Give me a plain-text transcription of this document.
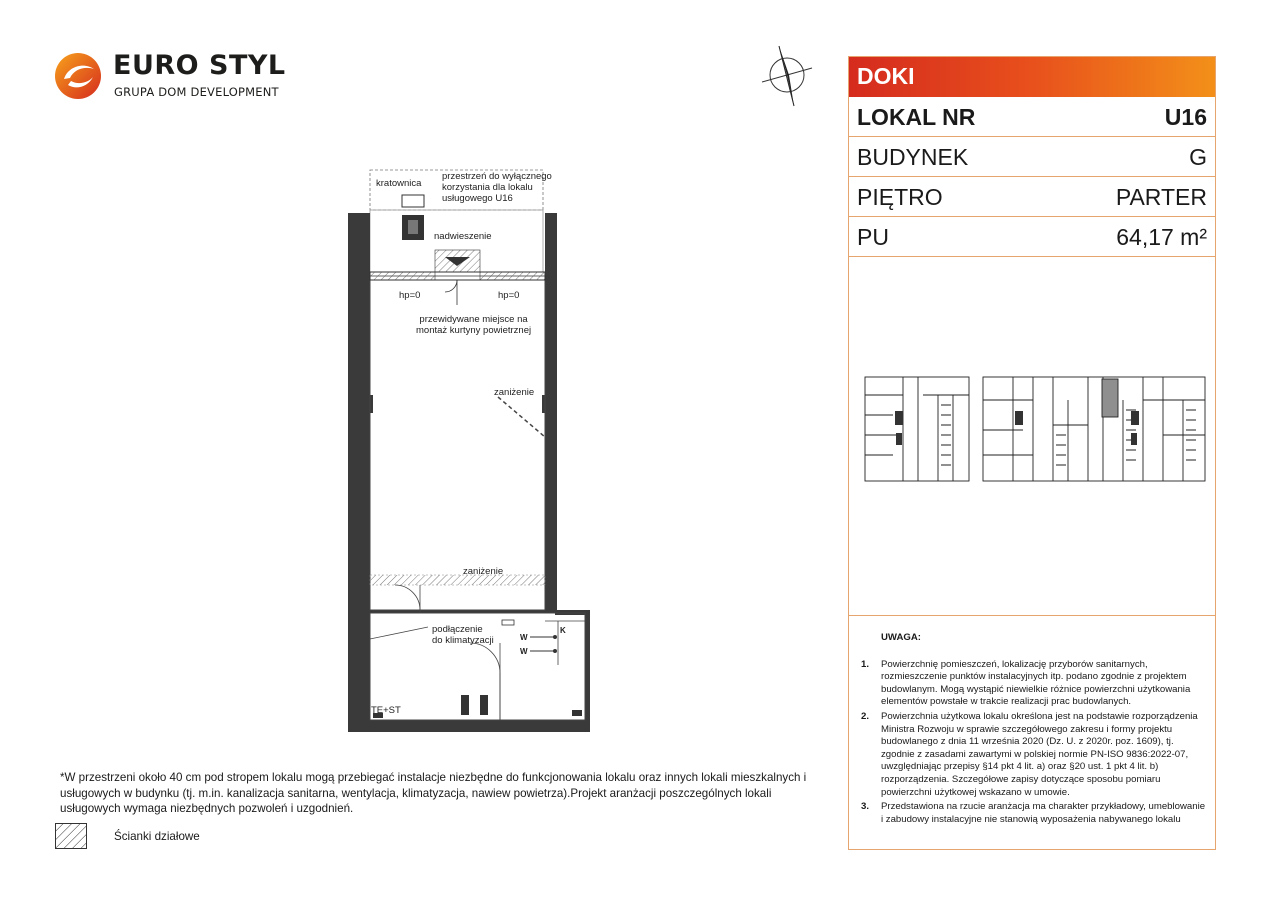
EURO STYL
GRUPA DOM DEVELOPMENT
kratownica
przestrzeń do wyłącznego
korzystania dla lokalu
usługowego U16
nadwieszenie
hp=0	hp=0
przewidywane miejsce na
montaż kurtyny powietrznej
zaniżenie
zaniżenie
podłączenie
do klimatyzacji
TE+ST
W
W
K
DOKI
LOKAL NR	U16
BUDYNEK	G
PIĘTRO	PARTER
PU	64,17 m²
UWAGA:
1. Powierzchnię pomieszczeń, lokalizację przyborów sanitarnych, rozmieszczenie punktów instalacyjnych itp. podano zgodnie z projektem budowlanym. Mogą wystąpić niewielkie różnice powierzchni użytkowania elementów powstałe w trakcie realizacji prac budowlanych.
2. Powierzchnia użytkowa lokalu określona jest na podstawie rozporządzenia Ministra Rozwoju w sprawie szczegółowego zakresu i formy projektu budowlanego z dnia 11 września 2020 (Dz. U. z 2020r. poz. 1609), tj. zgodnie z zasadami zawartymi w polskiej normie PN-ISO 9836:2022-07, uwzględniając przepisy §14 pkt 4 lit. a) oraz §20 ust. 1 pkt 4 lit. b) rozporządzenia. Szczegółowe zapisy dotyczące sposobu pomiaru powierzchni użytkowej wskazano w umowie.
3. Przedstawiona na rzucie aranżacja ma charakter przykładowy, umeblowanie i zabudowy instalacyjne nie stanowią wyposażenia nabywanego lokalu
*W przestrzeni około 40 cm pod stropem lokalu mogą przebiegać instalacje niezbędne do funkcjonowania lokalu oraz innych lokali mieszkalnych i usługowych w budynku (tj. m.in. kanalizacja sanitarna, wentylacja, klimatyzacja, nawiew powietrza).Projekt aranżacji poszczególnych lokali usługowych wymaga niezbędnych pozwoleń i uzgodnień.
Ścianki działowe
